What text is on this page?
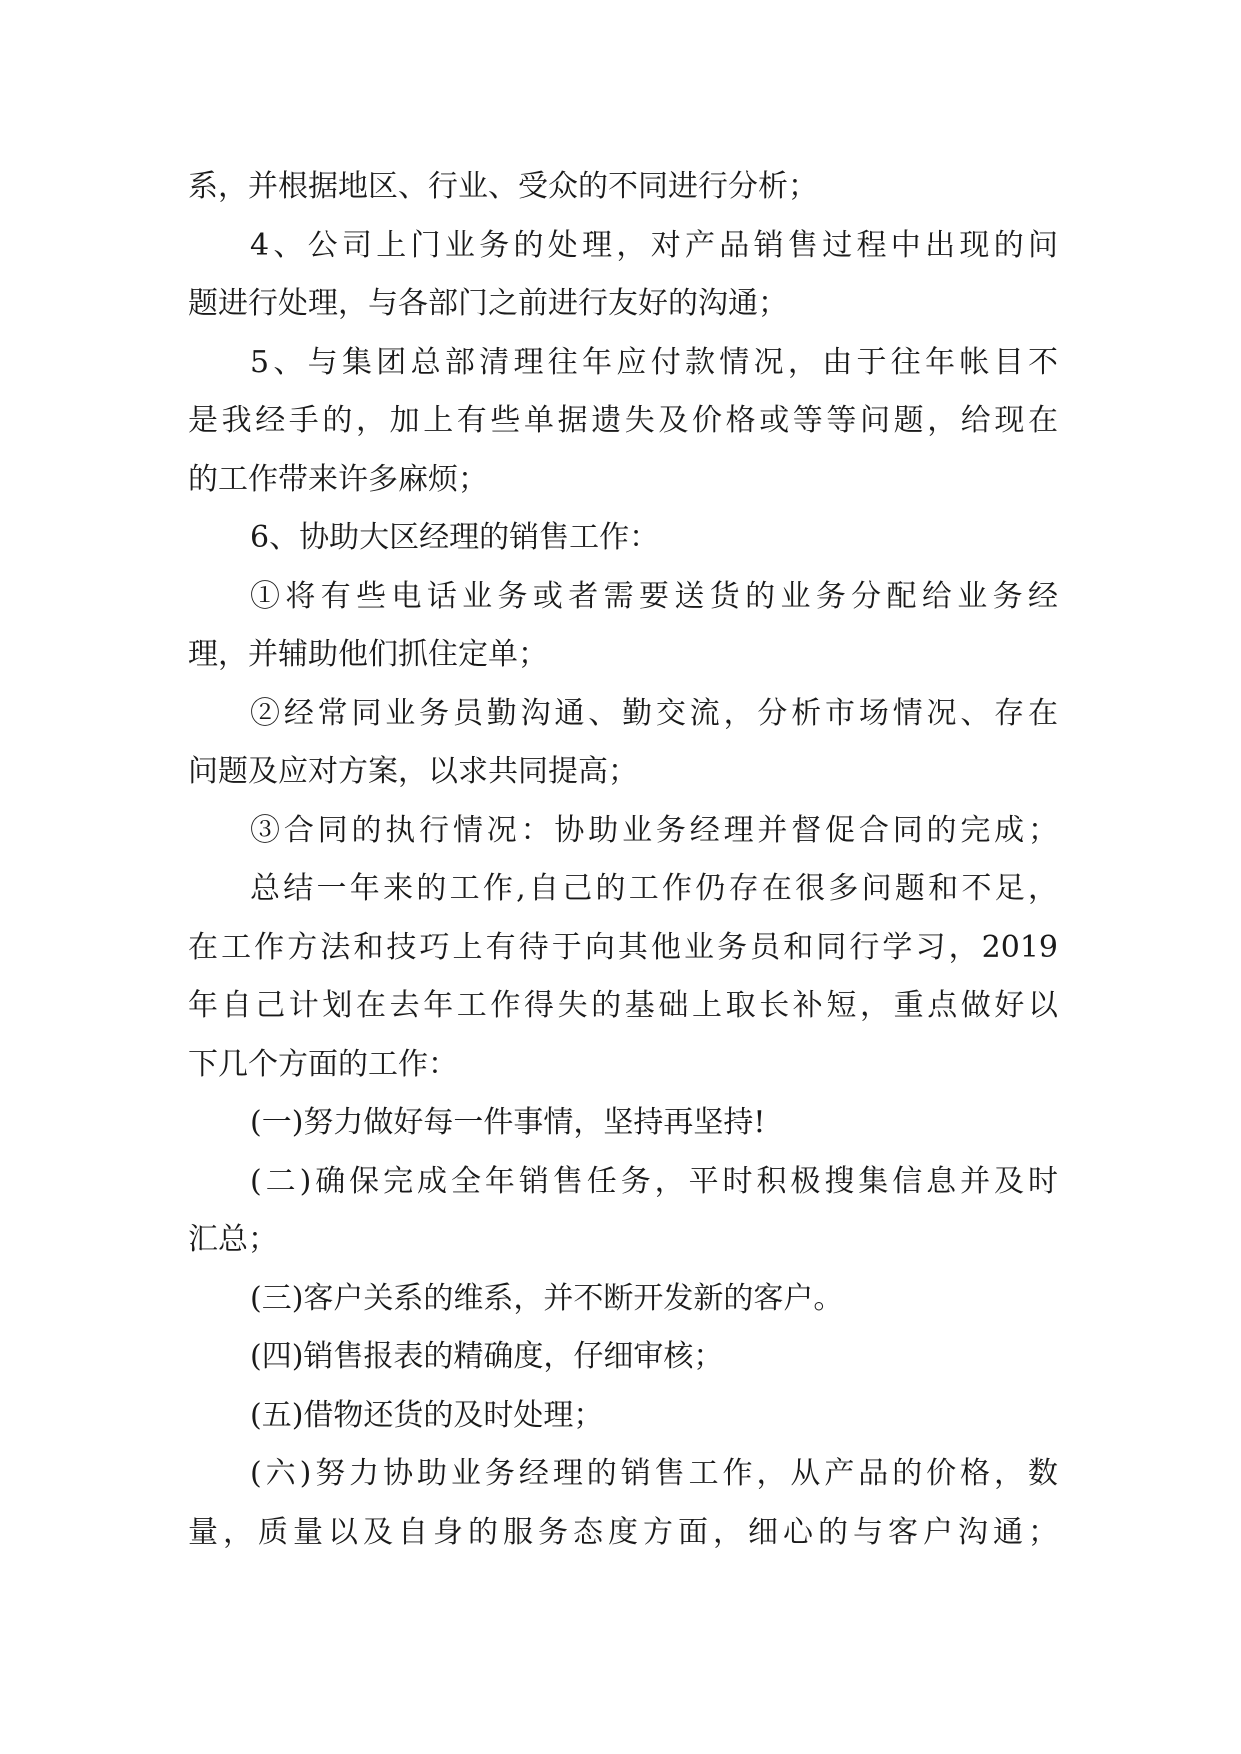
系，并根据地区、行业、受众的不同进行分析；
4、公司上门业务的处理，对产品销售过程中出现的问
题进行处理，与各部门之前进行友好的沟通；
5、与集团总部清理往年应付款情况，由于往年帐目不
是我经手的，加上有些单据遗失及价格或等等问题，给现在
的工作带来许多麻烦；
6、协助大区经理的销售工作：
①将有些电话业务或者需要送货的业务分配给业务经
理，并辅助他们抓住定单；
②经常同业务员勤沟通、勤交流，分析市场情况、存在
问题及应对方案，以求共同提高；
③合同的执行情况：协助业务经理并督促合同的完成；
总结一年来的工作,自己的工作仍存在很多问题和不足，
在工作方法和技巧上有待于向其他业务员和同行学习，2019
年自己计划在去年工作得失的基础上取长补短，重点做好以
下几个方面的工作：
(一)努力做好每一件事情，坚持再坚持!
(二)确保完成全年销售任务，平时积极搜集信息并及时
汇总；
(三)客户关系的维系，并不断开发新的客户。
(四)销售报表的精确度，仔细审核；
(五)借物还货的及时处理；
(六)努力协助业务经理的销售工作，从产品的价格，数
量，质量以及自身的服务态度方面，细心的与客户沟通；
